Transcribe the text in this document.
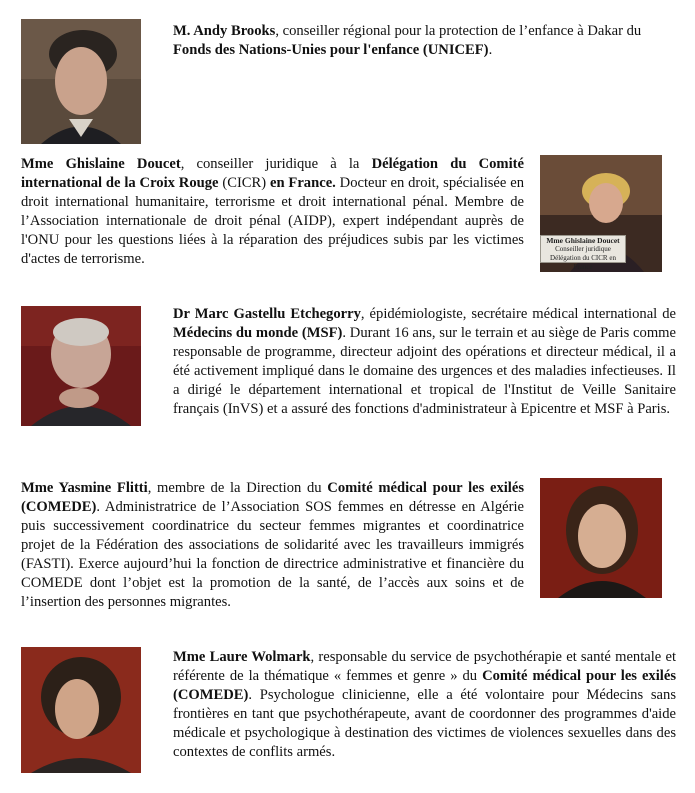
M. Andy Brooks, conseiller régional pour la protection de l’enfance à Dakar du Fonds des Nations-Unies pour l'enfance (UNICEF).
Mme Ghislaine Doucet, conseiller juridique à la Délégation du Comité international de la Croix Rouge (CICR) en France. Docteur en droit, spécialisée en droit international humanitaire, terrorisme et droit international pénal. Membre de l’Association internationale de droit pénal (AIDP), expert indépendant auprès de l'ONU pour les questions liées à la réparation des préjudices subis par les victimes d'actes de terrorisme.
Mme Ghislaine Doucet
Conseiller juridique
Délégation du CICR en France
Dr Marc Gastellu Etchegorry, épidémiologiste, secrétaire médical international de Médecins du monde (MSF). Durant 16 ans, sur le terrain et au siège de Paris comme responsable de programme, directeur adjoint des opérations et directeur médical, il a été activement impliqué dans le domaine des urgences et des maladies infectieuses. Il a dirigé le département international et tropical de l'Institut de Veille Sanitaire français (InVS) et a assuré des fonctions d'administrateur à Epicentre et MSF à Paris.
Mme Yasmine Flitti, membre de la Direction du Comité médical pour les exilés (COMEDE). Administratrice de l’Association SOS femmes en détresse en Algérie puis successivement coordinatrice du secteur femmes migrantes et coordinatrice projet de la Fédération des associations de solidarité avec les travailleurs immigrés (FASTI). Exerce aujourd’hui la fonction de directrice administrative et financière du COMEDE dont l’objet est la promotion de la santé, de l’accès aux soins et de l’insertion des personnes migrantes.
Mme Laure Wolmark, responsable du service de psychothérapie et santé mentale et référente de la thématique « femmes et genre » du Comité médical pour les exilés (COMEDE). Psychologue clinicienne, elle a été volontaire pour Médecins sans frontières en tant que psychothérapeute, avant de coordonner des programmes d'aide médicale et psychologique à destination des victimes de violences sexuelles dans des contextes de conflits armés.
